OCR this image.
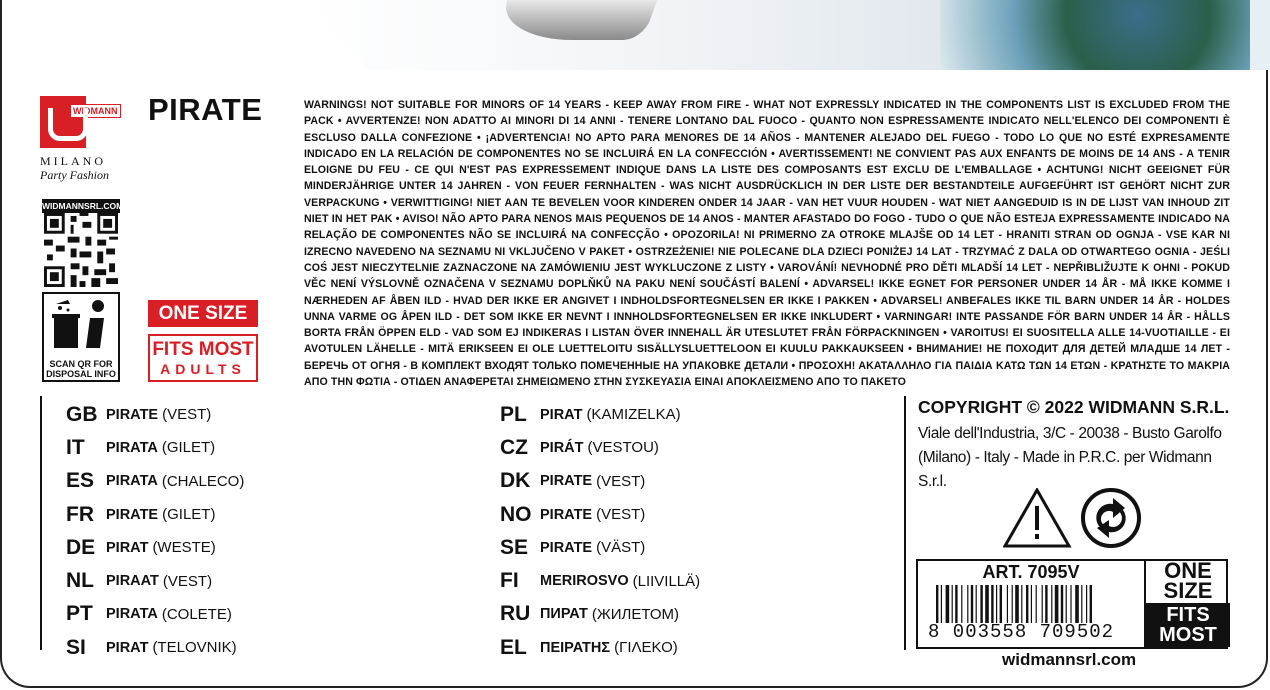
WIDMANN
MILANO
Party Fashion
PIRATE
WIDMANNSRL.COM
SCAN QR FOR
DISPOSAL INFO
ONE SIZE
FITS MOST
ADULTS
WARNINGS! NOT SUITABLE FOR MINORS OF 14 YEARS - KEEP AWAY FROM FIRE - WHAT NOT EXPRESSLY INDICATED IN THE COMPONENTS LIST IS EXCLUDED FROM THE PACK • AVVERTENZE! NON ADATTO AI MINORI DI 14 ANNI - TENERE LONTANO DAL FUOCO - QUANTO NON ESPRESSAMENTE INDICATO NELL'ELENCO DEI COMPONENTI È ESCLUSO DALLA CONFEZIONE • ¡ADVERTENCIA! NO APTO PARA MENORES DE 14 AÑOS - MANTENER ALEJADO DEL FUEGO - TODO LO QUE NO ESTÉ EXPRESAMENTE INDICADO EN LA RELACIÓN DE COMPONENTES NO SE INCLUIRÁ EN LA CONFECCIÓN • AVERTISSEMENT! NE CONVIENT PAS AUX ENFANTS DE MOINS DE 14 ANS - A TENIR ELOIGNE DU FEU - CE QUI N'EST PAS EXPRESSEMENT INDIQUE DANS LA LISTE DES COMPOSANTS EST EXCLU DE L'EMBALLAGE • ACHTUNG! NICHT GEEIGNET FÜR MINDERJÄHRIGE UNTER 14 JAHREN - VON FEUER FERNHALTEN - WAS NICHT AUSDRÜCKLICH IN DER LISTE DER BESTANDTEILE AUFGEFÜHRT IST GEHÖRT NICHT ZUR VERPACKUNG • VERWITTIGING! NIET AAN TE BEVELEN VOOR KINDEREN ONDER 14 JAAR - VAN HET VUUR HOUDEN - WAT NIET AANGEDUID IS IN DE LIJST VAN INHOUD ZIT NIET IN HET PAK • AVISO! NÃO APTO PARA NENOS MAIS PEQUENOS DE 14 ANOS - MANTER AFASTADO DO FOGO - TUDO O QUE NÃO ESTEJA EXPRESSAMENTE INDICADO NA RELAÇÃO DE COMPONENTES NÃO SE INCLUIRÁ NA CONFECÇÃO • OPOZORILA! NI PRIMERNO ZA OTROKE MLAJŠE OD 14 LET - HRANITI STRAN OD OGNJA - VSE KAR NI IZRECNO NAVEDENO NA SEZNAMU NI VKLJUČENO V PAKET • OSTRZEŻENIE! NIE POLECANE DLA DZIECI PONIŻEJ 14 LAT - TRZYMAĆ Z DALA OD OTWARTEGO OGNIA - JEŚLI COŚ JEST NIECZYTELNIE ZAZNACZONE NA ZAMÓWIENIU JEST WYKLUCZONE Z LISTY • VAROVÁNÍ! NEVHODNÉ PRO DĚTI MLADŠÍ 14 LET - NEPŘIBLIŽUJTE K OHNI - POKUD VĚC NENÍ VÝSLOVNĚ OZNAČENA V SEZNAMU DOPLŇKŮ NA PAKU NENÍ SOUČÁSTÍ BALENÍ • ADVARSEL! IKKE EGNET FOR PERSONER UNDER 14 ÅR - MÅ IKKE KOMME I NÆRHEDEN AF ÅBEN ILD - HVAD DER IKKE ER ANGIVET I INDHOLDSFORTEGNELSEN ER IKKE I PAKKEN • ADVARSEL! ANBEFALES IKKE TIL BARN UNDER 14 ÅR - HOLDES UNNA VARME OG ÅPEN ILD - DET SOM IKKE ER NEVNT I INNHOLDSFORTEGNELSEN ER IKKE INKLUDERT • VARNINGAR! INTE PASSANDE FÖR BARN UNDER 14 ÅR - HÅLLS BORTA FRÅN ÖPPEN ELD - VAD SOM EJ INDIKERAS I LISTAN ÖVER INNEHALL ÄR UTESLUTET FRÅN FÖRPACKNINGEN • VAROITUS! EI SUOSITELLA ALLE 14-VUOTIAILLE - EI AVOTULEN LÄHELLE - MITÄ ERIKSEEN EI OLE LUETTELOITU SISÄLLYSLUETTELOON EI KUULU PAKKAUKSEEN • ВНИМАНИЕ! НЕ ПОХОДИТ ДЛЯ ДЕТЕЙ МЛАДШЕ 14 ЛЕТ - БЕРЕЧЬ ОТ ОГНЯ - В КОМПЛЕКТ ВХОДЯТ ТОЛЬКО ПОМЕЧЕННЫЕ НА УПАКОВКЕ ДЕТАЛИ • ΠΡΟΣΟΧΗ! ΑΚΑΤΑΛΛΗΛΟ ΓΙΑ ΠΑΙΔΙΑ ΚΑΤΩ ΤΩΝ 14 ΕΤΩΝ - ΚΡΑΤΗΣΤΕ ΤΟ ΜΑΚΡΙΑ ΑΠΟ ΤΗΝ ΦΩΤΙΑ - ΟΤΙΔΕΝ ΑΝΑΦΕΡΕΤΑΙ ΣΗΜΕΙΩΜΕΝΟ ΣΤΗΝ ΣΥΣΚΕΥΑΣΙΑ ΕΙΝΑΙ ΑΠΟΚΛΕΙΣΜΕΝΟ ΑΠΟ ΤΟ ΠΑΚΕΤΟ
GB PIRATE (VEST)
IT	PIRATA (GILET)
ES PIRATA (CHALECO)
FR PIRATE (GILET)
DE PIRAT (WESTE)
NL PIRAAT (VEST)
PT PIRATA (COLETE)
SI	PIRAT (TELOVNIK)
PL PIRAT (KAMIZELKA)
CZ PIRÁT (VESTOU)
DK PIRATE (VEST)
NO PIRATE (VEST)
SE PIRATE (VÄST)
FI	MERIROSVO (LIIVILLÄ)
RU ПИРАТ (ЖИЛЕТОМ)
EL ΠΕΙΡΑΤΗΣ (ΓΙΛΕΚΟ)
COPYRIGHT © 2022 WIDMANN S.R.L.
Viale dell'Industria, 3/C - 20038 - Busto Garolfo (Milano) - Italy - Made in P.R.C. per Widmann S.r.l.
ART. 7095V
8 003558 709502
ONE
SIZE
FITS
MOST
widmannsrl.com
